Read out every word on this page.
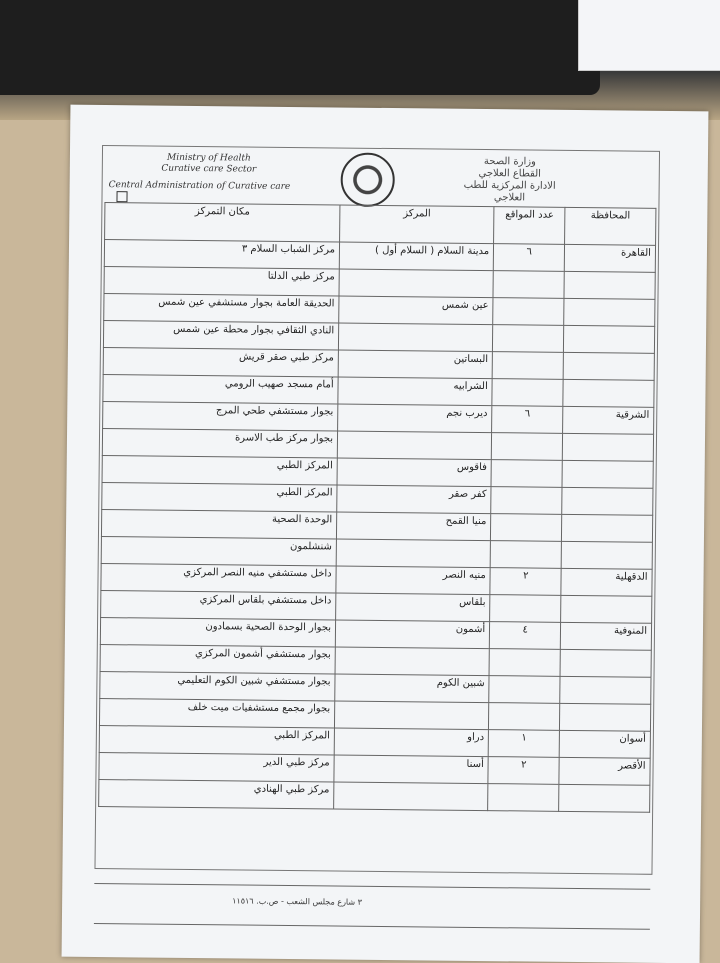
Ministry of Health
Curative care Sector
Central Administration of Curative care
وزارة الصحة
القطاع العلاجي
الادارة المركزية للطب
العلاجي
المحافظة	عدد المواقع	المركز	مكان التمركز
القاهرة	٦	مدينة السلام ( السلام أول )	مركز الشباب السلام ٣
			مركز طبي الدلتا
		عين شمس	الحديقة العامة بجوار مستشفي عين شمس
			النادي الثقافي بجوار محطة عين شمس
		البساتين	مركز طبي صقر قريش
		الشرابيه	أمام مسجد صهيب الرومي
الشرقية	٦	ديرب نجم	بجوار مستشفي طحي المرج
			بجوار مركز طب الاسرة
		فاقوس	المركز الطبي
		كفر صقر	المركز الطبي
		منيا القمح	الوحدة الصحية
			شنشلمون
الدقهلية	٢	منيه النصر	داخل مستشفي منيه النصر المركزي
		بلقاس	داخل مستشفي بلقاس المركزي
المنوفية	٤	أشمون	بجوار الوحدة الصحية بسمادون
			بجوار مستشفي أشمون المركزي
		شبين الكوم	بجوار مستشفي شبين الكوم التعليمي
			بجوار مجمع مستشفيات ميت خلف
أسوان	١	دراو	المركز الطبي
الأقصر	٢	أسنا	مركز طبي الدير
			مركز طبي الهنادي
٣ شارع مجلس الشعب - ص.ب. ١١٥١٦
